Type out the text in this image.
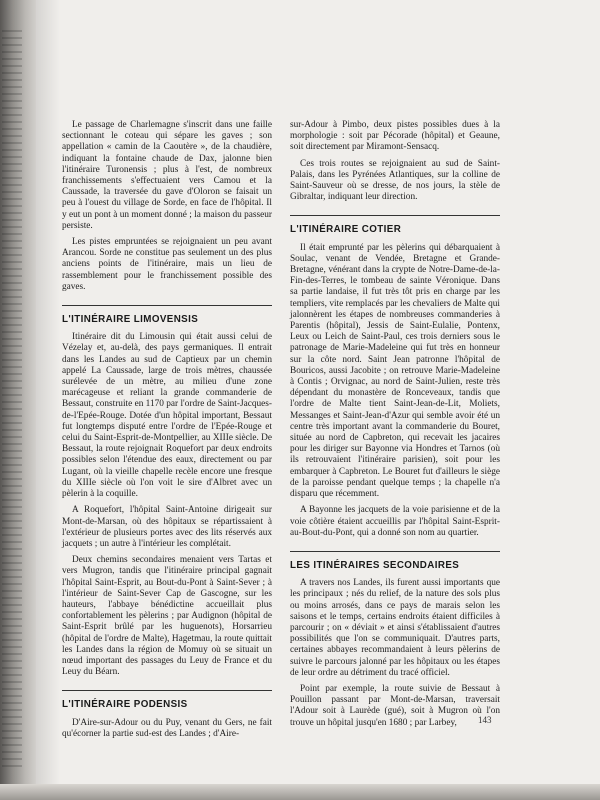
Le passage de Charlemagne s'inscrit dans une faille sectionnant le coteau qui sépare les gaves ; son appellation « camin de la Caoutère », de la chaudière, indiquant la fontaine chaude de Dax, jalonne bien l'itinéraire Turonensis ; plus à l'est, de nombreux franchissements s'effectuaient vers Camou et la Caussade, la traversée du gave d'Oloron se faisait un peu à l'ouest du village de Sorde, en face de l'hôpital. Il y eut un pont à un moment donné ; la maison du passeur persiste.

Les pistes empruntées se rejoignaient un peu avant Arancou. Sorde ne constitue pas seulement un des plus anciens points de l'itinéraire, mais un lieu de rassemblement pour le franchissement possible des gaves.

L'ITINÉRAIRE LIMOVENSIS

Itinéraire dit du Limousin qui était aussi celui de Vézelay et, au-delà, des pays germaniques. Il entrait dans les Landes au sud de Captieux par un chemin appelé La Caussade, large de trois mètres, chaussée surélevée de un mètre, au milieu d'une zone marécageuse et reliant la grande commanderie de Bessaut, construite en 1170 par l'ordre de Saint-Jacques-de-l'Epée-Rouge. Dotée d'un hôpital important, Bessaut fut longtemps disputé entre l'ordre de l'Epée-Rouge et celui du Saint-Esprit-de-Montpellier, au XIIIe siècle. De Bessaut, la route rejoignait Roquefort par deux endroits possibles selon l'étendue des eaux, directement ou par Lugant, où la vieille chapelle recèle encore une fresque du XIIIe siècle où l'on voit le sire d'Albret avec un pèlerin à la coquille.

A Roquefort, l'hôpital Saint-Antoine dirigeait sur Mont-de-Marsan, où des hôpitaux se répartissaient à l'extérieur de plusieurs portes avec des lits réservés aux jacquets ; un autre à l'intérieur les complétait.

Deux chemins secondaires menaient vers Tartas et vers Mugron, tandis que l'itinéraire principal gagnait l'hôpital Saint-Esprit, au Bout-du-Pont à Saint-Sever ; à l'intérieur de Saint-Sever Cap de Gascogne, sur les hauteurs, l'abbaye bénédictine accueillait plus confortablement les pèlerins ; par Audignon (hôpital de Saint-Esprit brûlé par les huguenots), Horsarrieu (hôpital de l'ordre de Malte), Hagetmau, la route quittait les Landes dans la région de Momuy où se situait un nœud important des passages du Leuy de France et du Leuy du Béarn.

L'ITINÉRAIRE PODENSIS

D'Aire-sur-Adour ou du Puy, venant du Gers, ne fait qu'écorner la partie sud-est des Landes ; d'Aire-

sur-Adour à Pimbo, deux pistes possibles dues à la morphologie : soit par Pécorade (hôpital) et Geaune, soit directement par Miramont-Sensacq.

Ces trois routes se rejoignaient au sud de Saint-Palais, dans les Pyrénées Atlantiques, sur la colline de Saint-Sauveur où se dresse, de nos jours, la stèle de Gibraltar, indiquant leur direction.

L'ITINÉRAIRE COTIER

Il était emprunté par les pèlerins qui débarquaient à Soulac, venant de Vendée, Bretagne et Grande-Bretagne, vénérant dans la crypte de Notre-Dame-de-la-Fin-des-Terres, le tombeau de sainte Véronique. Dans sa partie landaise, il fut très tôt pris en charge par les templiers, vite remplacés par les chevaliers de Malte qui jalonnèrent les étapes de nombreuses commanderies à Parentis (hôpital), Jessis de Saint-Eulalie, Pontenx, Leux ou Leich de Saint-Paul, ces trois derniers sous le patronage de Marie-Madeleine qui fut très en honneur sur la côte nord. Saint Jean patronne l'hôpital de Bouricos, aussi Jacobite ; on retrouve Marie-Madeleine à Contis ; Orvignac, au nord de Saint-Julien, reste très dépendant du monastère de Ronceveaux, tandis que l'ordre de Malte tient Saint-Jean-de-Lit, Moliets, Messanges et Saint-Jean-d'Azur qui semble avoir été un centre très important avant la commanderie du Bouret, située au nord de Capbreton, qui recevait les jacaires pour les diriger sur Bayonne via Hondres et Tarnos (où ils retrouvaient l'itinéraire parisien), soit pour les embarquer à Capbreton. Le Bouret fut d'ailleurs le siège de la paroisse pendant quelque temps ; la chapelle n'a disparu que récemment.

A Bayonne les jacquets de la voie parisienne et de la voie côtière étaient accueillis par l'hôpital Saint-Esprit-au-Bout-du-Pont, qui a donné son nom au quartier.

LES ITINÉRAIRES SECONDAIRES

A travers nos Landes, ils furent aussi importants que les principaux ; nés du relief, de la nature des sols plus ou moins arrosés, dans ce pays de marais selon les saisons et le temps, certains endroits étaient difficiles à parcourir ; on « déviait » et ainsi s'établissaient d'autres possibilités que l'on se communiquait. D'autres parts, certaines abbayes recommandaient à leurs pèlerins de suivre le parcours jalonné par les hôpitaux ou les étapes de leur ordre au détriment du tracé officiel.

Point par exemple, la route suivie de Bessaut à Pouillon passant par Mont-de-Marsan, traversait l'Adour soit à Laurède (gué), soit à Mugron où l'on trouve un hôpital jusqu'en 1680 ; par Larbey,	143
